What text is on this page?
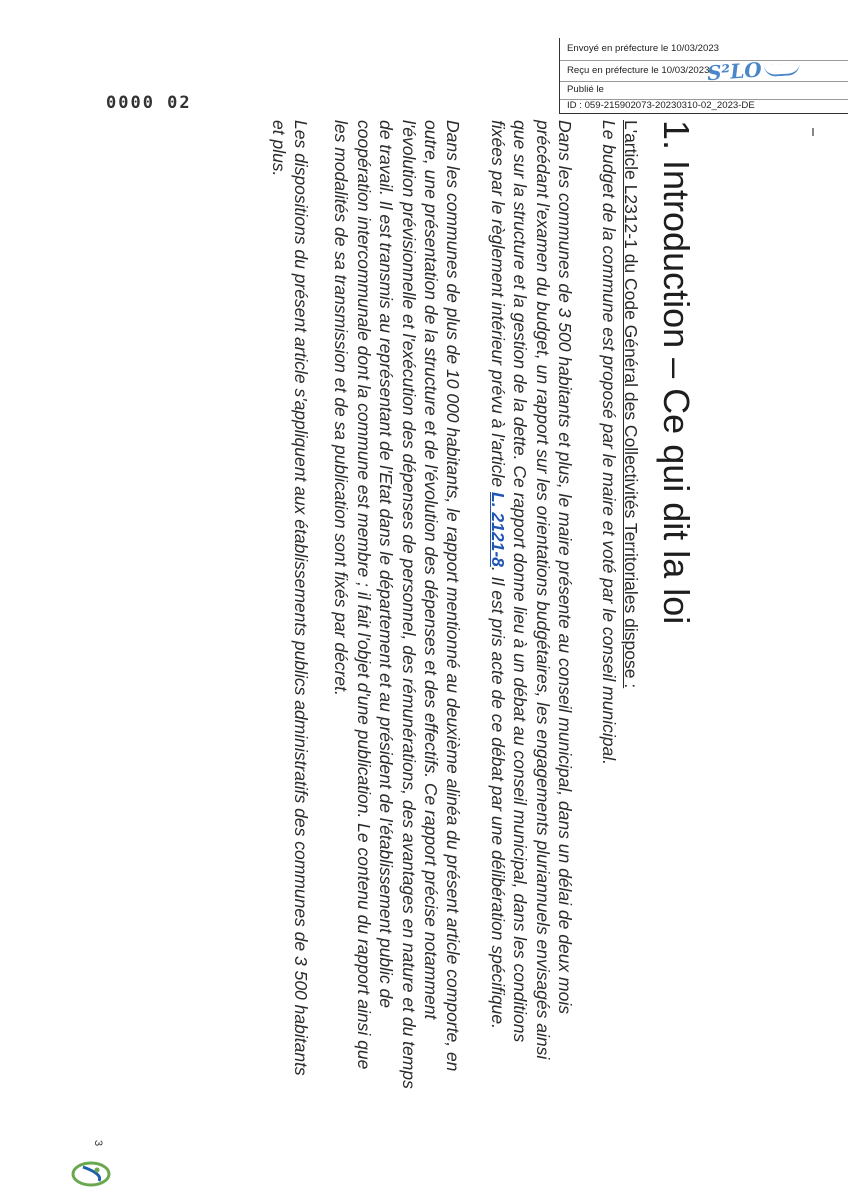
Envoyé en préfecture le 10/03/2023
Reçu en préfecture le 10/03/2023
Publié le
ID : 059-215902073-20230310-02_2023-DE
S²LO
0000 02
1. Introduction – Ce qui dit la loi
L'article L2312-1 du Code Général des Collectivités Territoriales dispose :
Le budget de la commune est proposé par le maire et voté par le conseil municipal.

Dans les communes de 3 500 habitants et plus, le maire présente au conseil municipal, dans un délai de deux mois précédant l'examen du budget, un rapport sur les orientations budgétaires, les engagements pluriannuels envisagés ainsi que sur la structure et la gestion de la dette. Ce rapport donne lieu à un débat au conseil municipal, dans les conditions fixées par le règlement intérieur prévu à l'article L. 2121-8. Il est pris acte de ce débat par une délibération spécifique.

Dans les communes de plus de 10 000 habitants, le rapport mentionné au deuxième alinéa du présent article comporte, en outre, une présentation de la structure et de l'évolution des dépenses et des effectifs. Ce rapport précise notamment l'évolution prévisionnelle et l'exécution des dépenses de personnel, des rémunérations, des avantages en nature et du temps de travail. Il est transmis au représentant de l'Etat dans le département et au président de l'établissement public de coopération intercommunale dont la commune est membre ; il fait l'objet d'une publication. Le contenu du rapport ainsi que les modalités de sa transmission et de sa publication sont fixés par décret.

Les dispositions du présent article s'appliquent aux établissements publics administratifs des communes de 3 500 habitants et plus.

3
